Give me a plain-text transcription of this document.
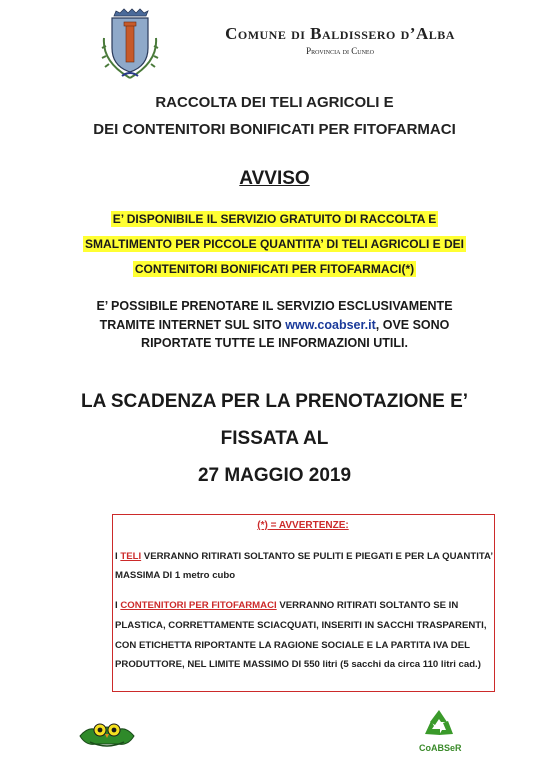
Comune di Baldissero d’Alba
Provincia di Cuneo
RACCOLTA DEI TELI AGRICOLI E
DEI CONTENITORI BONIFICATI PER FITOFARMACI
AVVISO
E’ DISPONIBILE IL SERVIZIO GRATUITO DI RACCOLTA E
SMALTIMENTO PER PICCOLE QUANTITA’ DI TELI AGRICOLI E DEI
CONTENITORI BONIFICATI PER FITOFARMACI(*)
E’ POSSIBILE PRENOTARE IL SERVIZIO ESCLUSIVAMENTE
TRAMITE INTERNET SUL SITO www.coabser.it, OVE SONO
RIPORTATE TUTTE LE INFORMAZIONI UTILI.
LA SCADENZA PER LA PRENOTAZIONE E’
FISSATA AL
27 MAGGIO 2019
(*) = AVVERTENZE:
I TELI VERRANNO RITIRATI SOLTANTO SE PULITI E PIEGATI E PER LA QUANTITA’
MASSIMA DI 1 metro cubo
I CONTENITORI PER FITOFARMACI VERRANNO RITIRATI SOLTANTO SE IN
PLASTICA, CORRETTAMENTE SCIACQUATI, INSERITI IN SACCHI TRASPARENTI,
CON ETICHETTA RIPORTANTE LA RAGIONE SOCIALE E LA PARTITA IVA DEL
PRODUTTORE, NEL LIMITE MASSIMO DI 550 litri (5 sacchi da circa 110 litri cad.)
CoABSeR
